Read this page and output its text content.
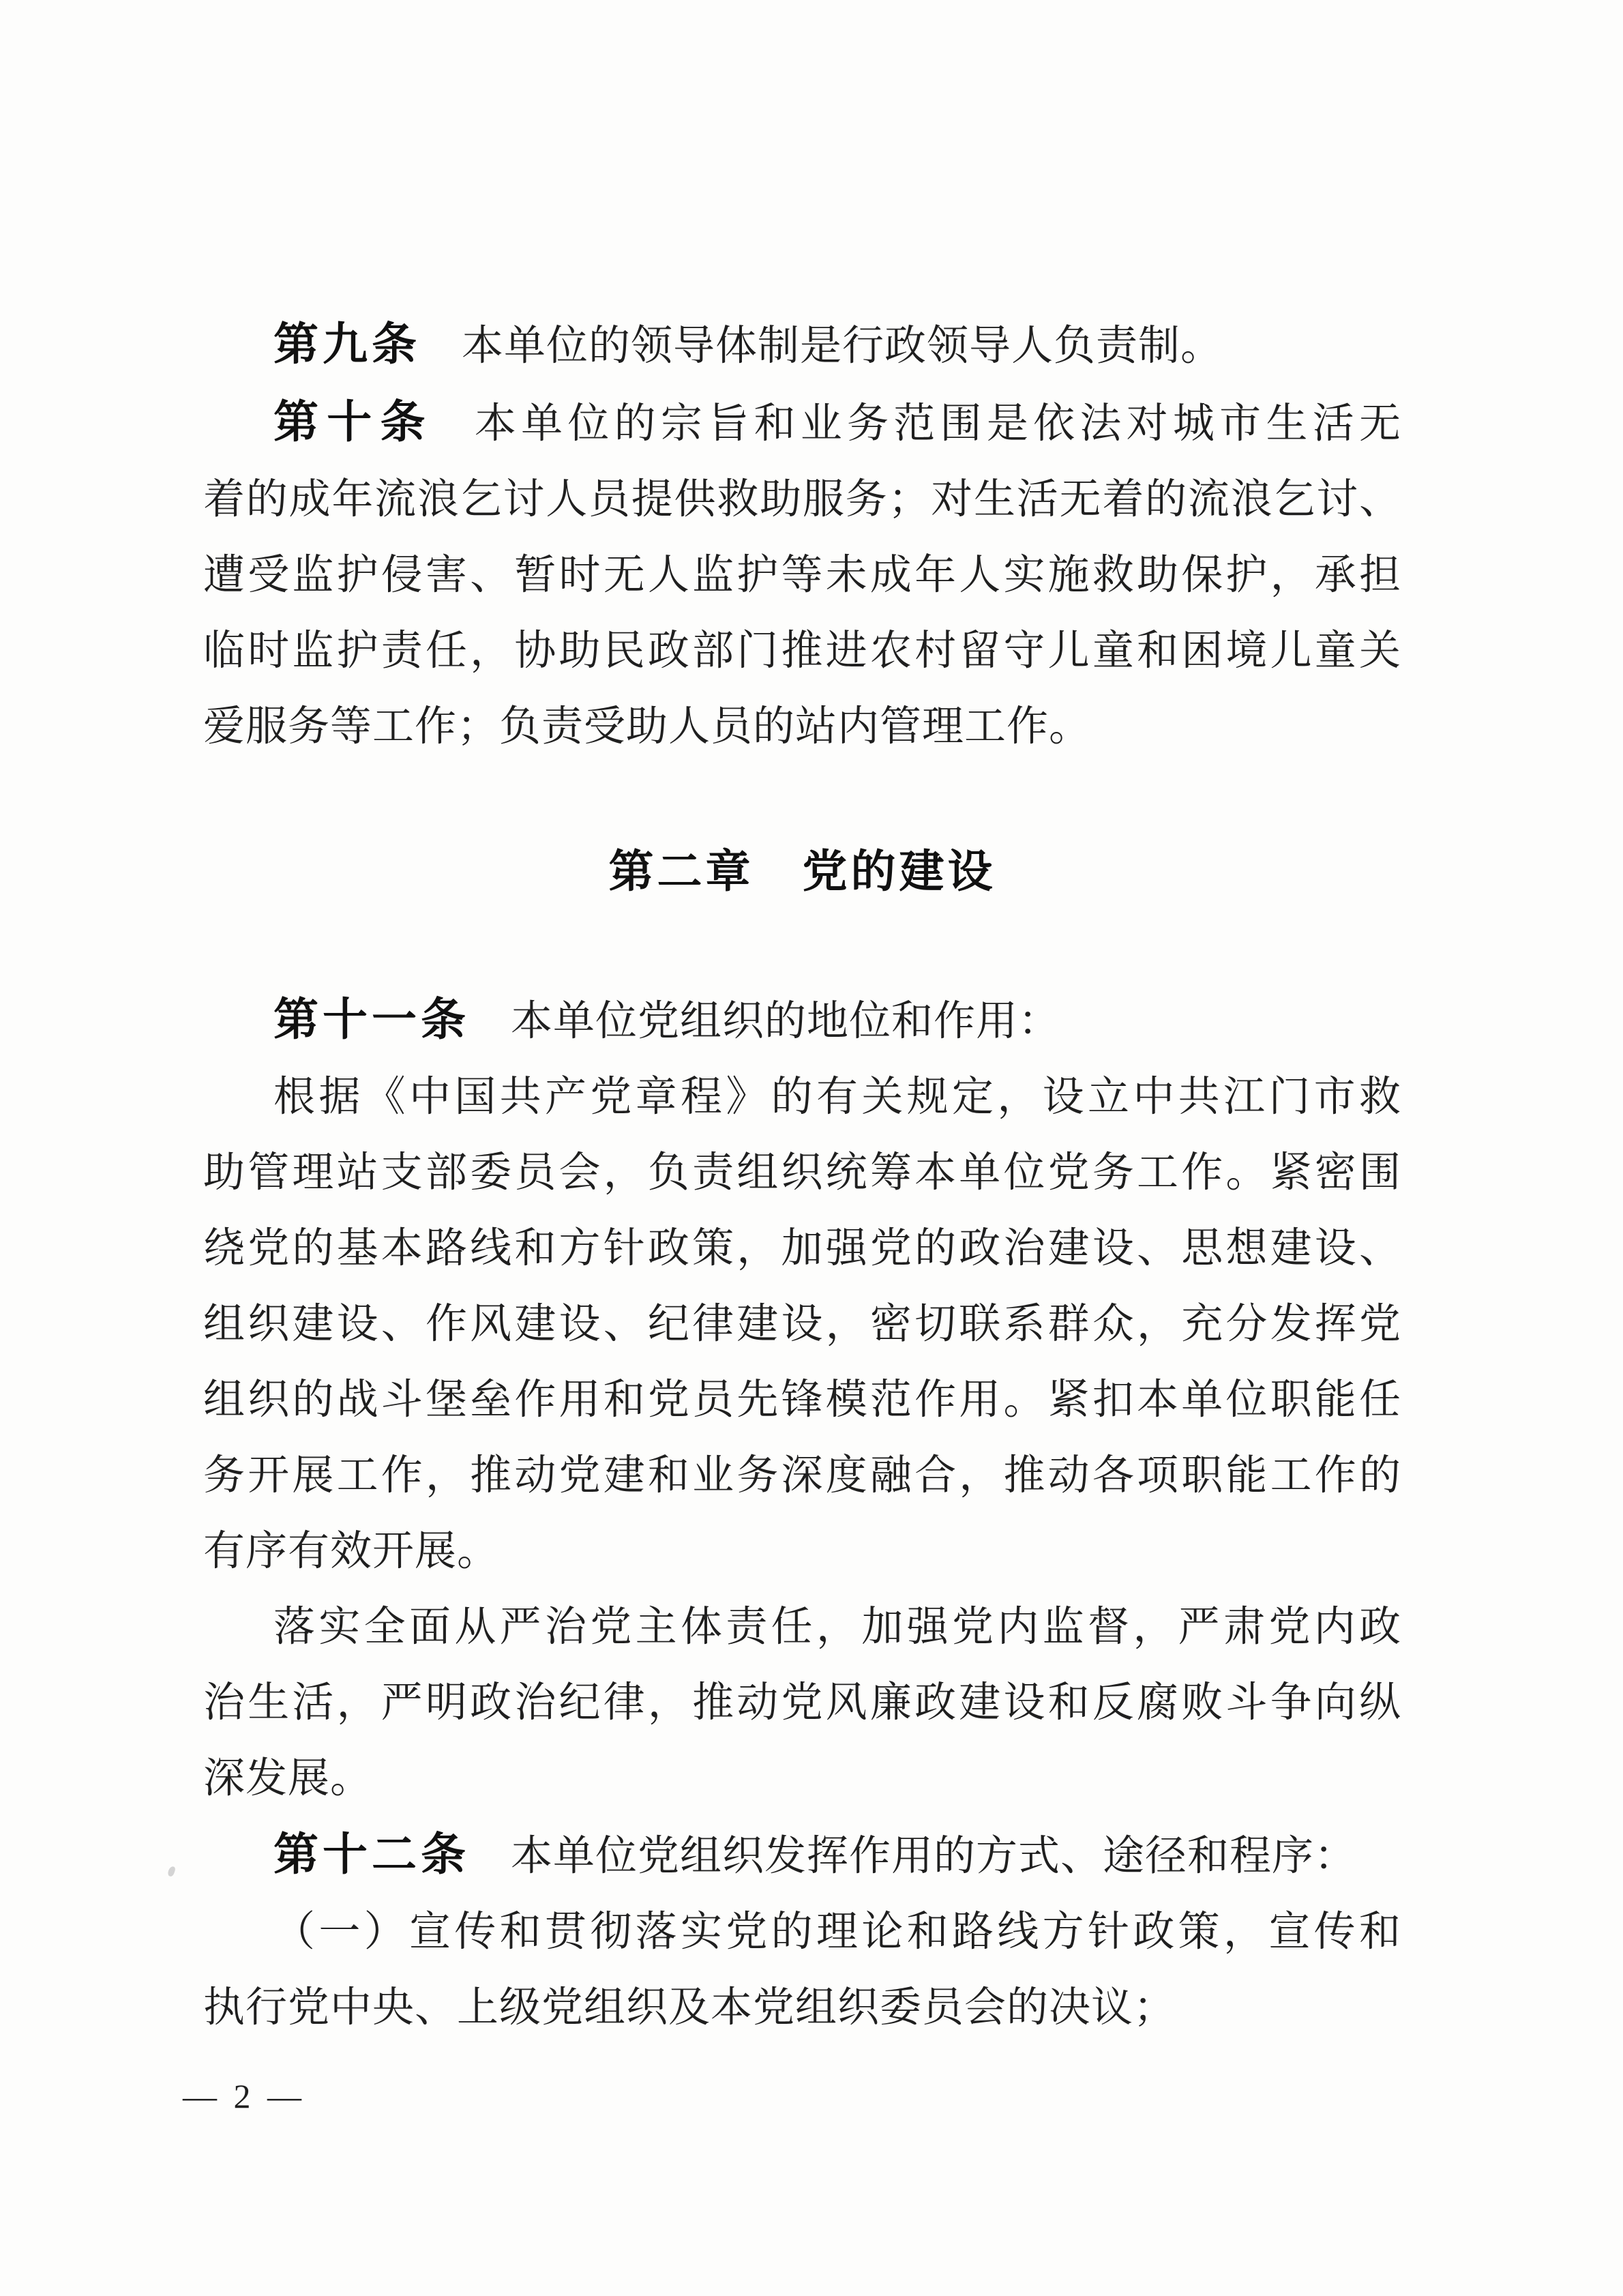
第九条 本单位的领导体制是行政领导人负责制。
第十条 本单位的宗旨和业务范围是依法对城市生活无
着的成年流浪乞讨人员提供救助服务；对生活无着的流浪乞讨、
遭受监护侵害、暂时无人监护等未成年人实施救助保护，承担
临时监护责任，协助民政部门推进农村留守儿童和困境儿童关
爱服务等工作；负责受助人员的站内管理工作。
第二章　党的建设
第十一条 本单位党组织的地位和作用：
根据《中国共产党章程》的有关规定，设立中共江门市救
助管理站支部委员会，负责组织统筹本单位党务工作。紧密围
绕党的基本路线和方针政策，加强党的政治建设、思想建设、
组织建设、作风建设、纪律建设，密切联系群众，充分发挥党
组织的战斗堡垒作用和党员先锋模范作用。紧扣本单位职能任
务开展工作，推动党建和业务深度融合，推动各项职能工作的
有序有效开展。
落实全面从严治党主体责任，加强党内监督，严肃党内政
治生活，严明政治纪律，推动党风廉政建设和反腐败斗争向纵
深发展。
第十二条 本单位党组织发挥作用的方式、途径和程序：
（一）宣传和贯彻落实党的理论和路线方针政策，宣传和
执行党中央、上级党组织及本党组织委员会的决议；
— 2 —
